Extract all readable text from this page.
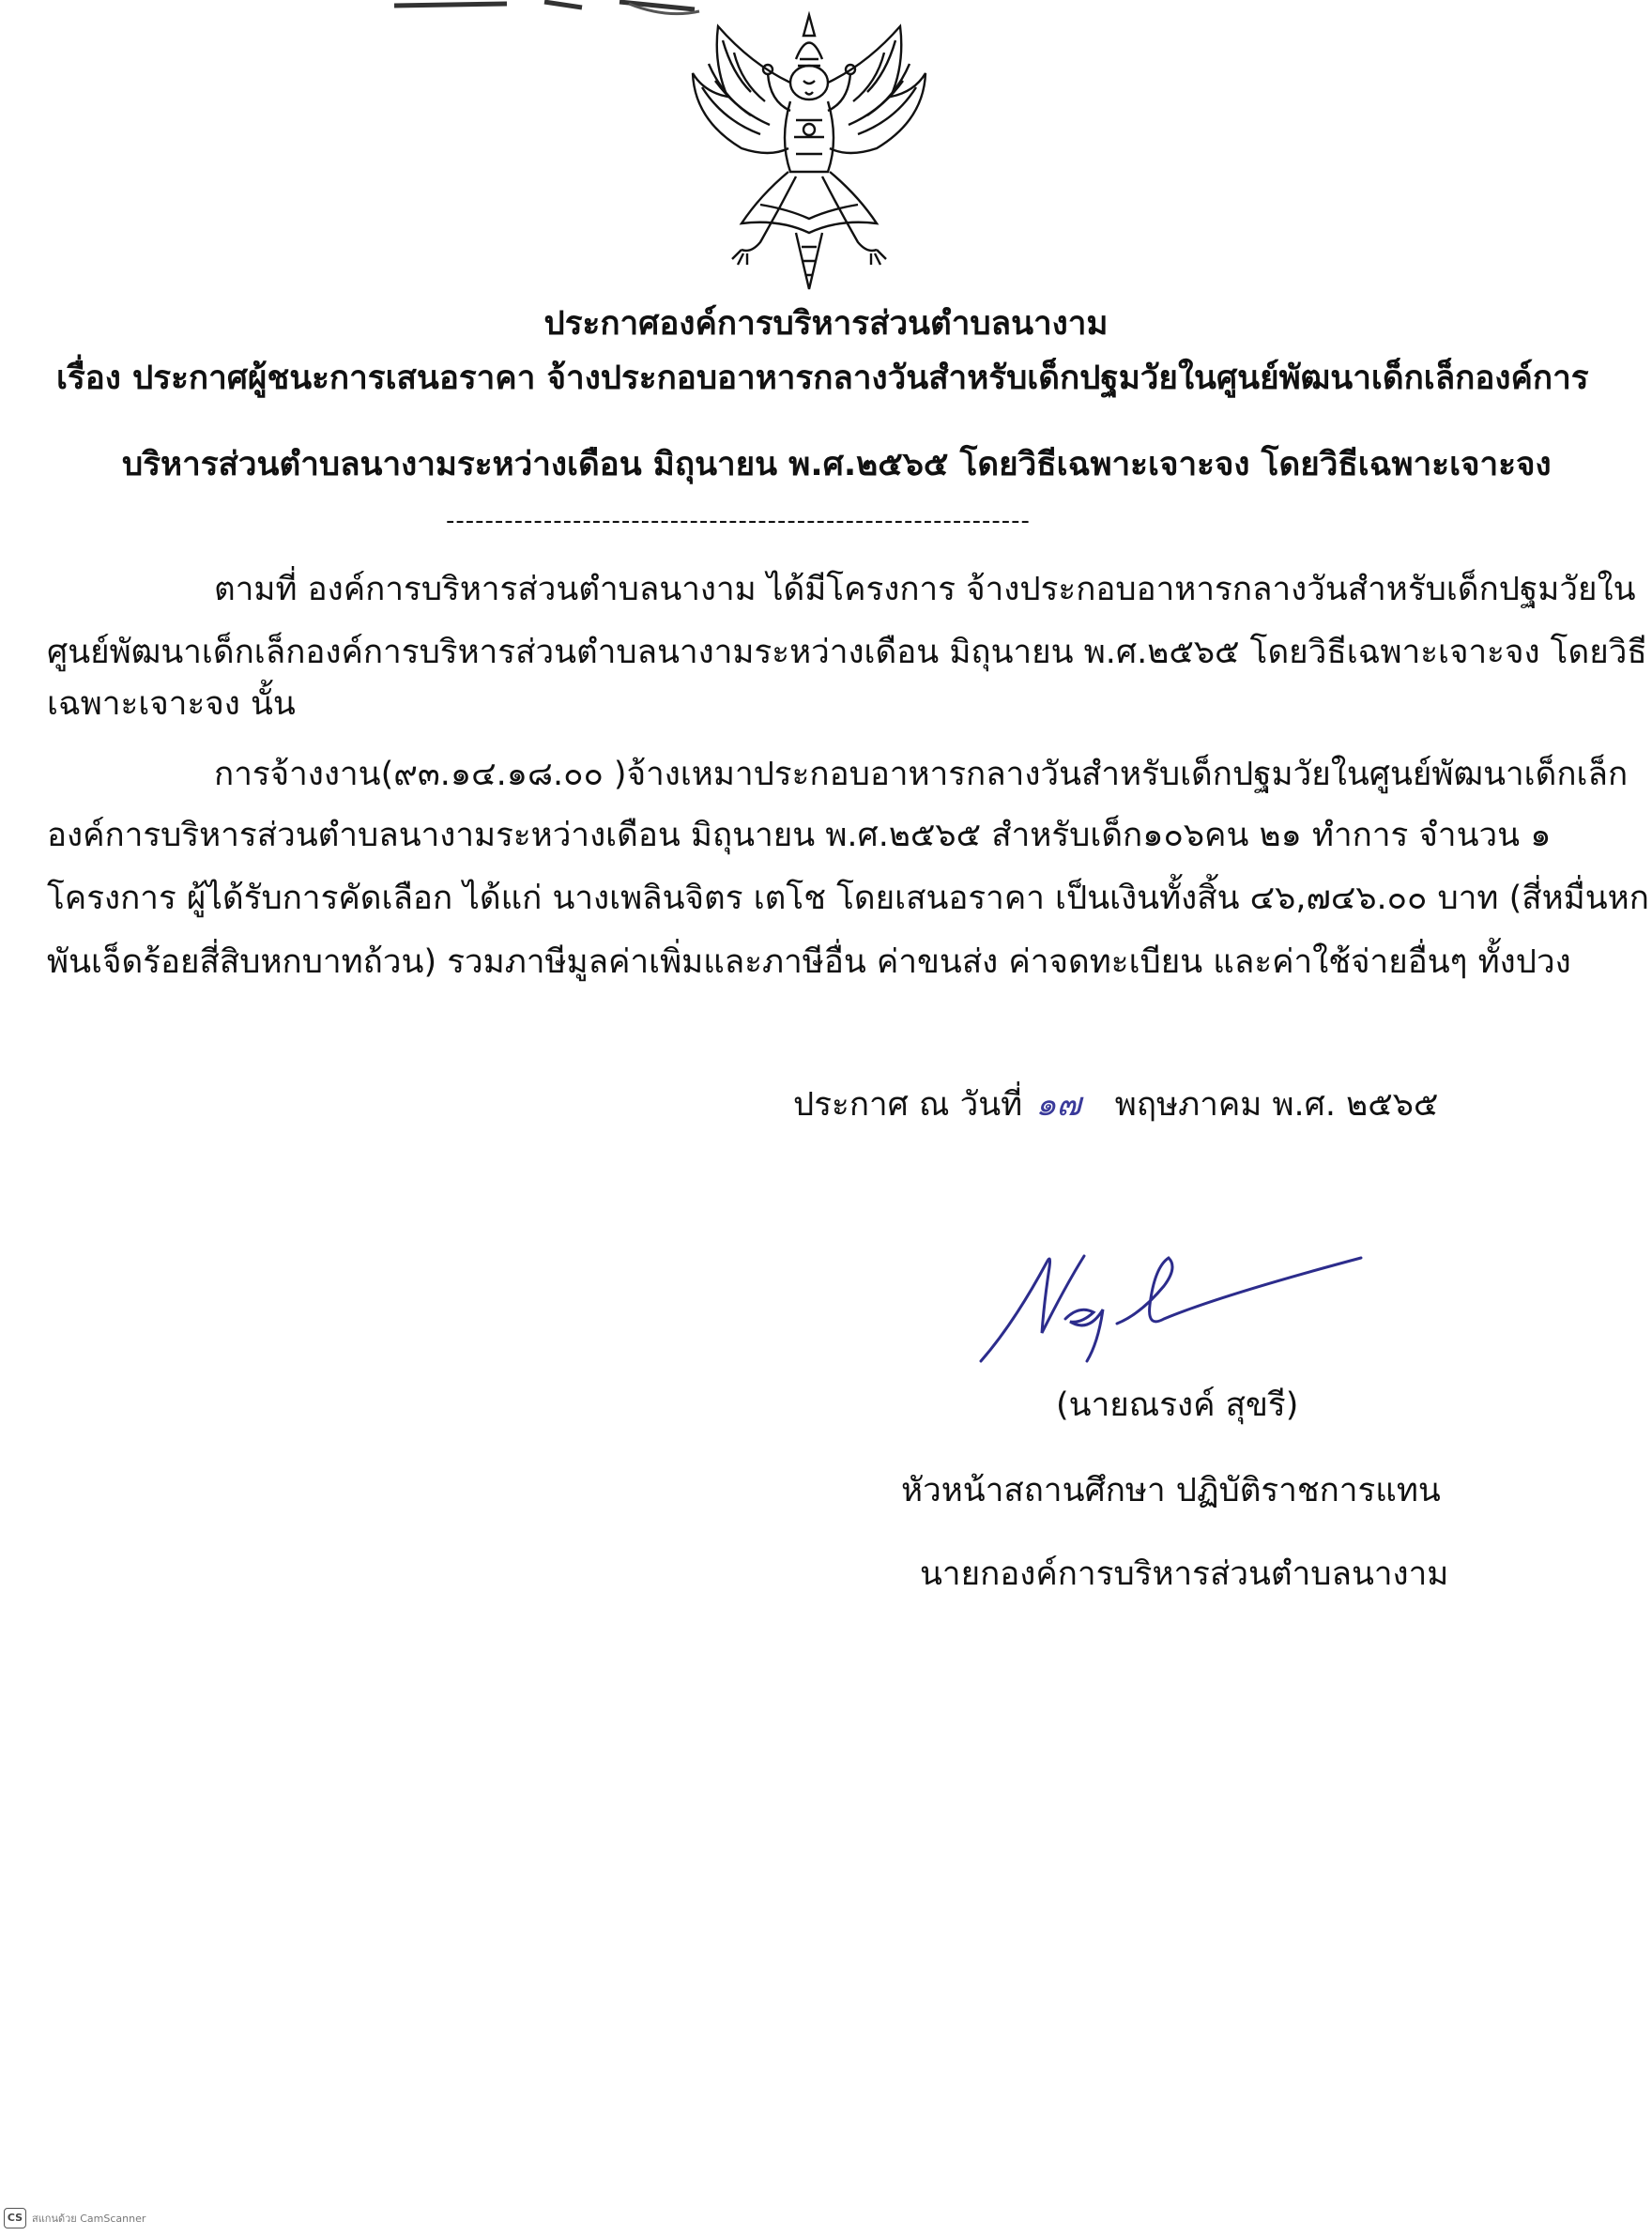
ประกาศองค์การบริหารส่วนตำบลนางาม
เรื่อง ประกาศผู้ชนะการเสนอราคา จ้างประกอบอาหารกลางวันสำหรับเด็กปฐมวัยในศูนย์พัฒนาเด็กเล็กองค์การ
บริหารส่วนตำบลนางามระหว่างเดือน มิถุนายน พ.ศ.๒๕๖๕ โดยวิธีเฉพาะเจาะจง โดยวิธีเฉพาะเจาะจง
------------------------------------------------------------
ตามที่ องค์การบริหารส่วนตำบลนางาม ได้มีโครงการ จ้างประกอบอาหารกลางวันสำหรับเด็กปฐมวัยใน
ศูนย์พัฒนาเด็กเล็กองค์การบริหารส่วนตำบลนางามระหว่างเดือน มิถุนายน พ.ศ.๒๕๖๕ โดยวิธีเฉพาะเจาะจง โดยวิธี
เฉพาะเจาะจง นั้น
การจ้างงาน(๙๓.๑๔.๑๘.๐๐ )จ้างเหมาประกอบอาหารกลางวันสำหรับเด็กปฐมวัยในศูนย์พัฒนาเด็กเล็ก
องค์การบริหารส่วนตำบลนางามระหว่างเดือน มิถุนายน พ.ศ.๒๕๖๕ สำหรับเด็ก๑๐๖คน ๒๑ ทำการ จำนวน ๑
โครงการ ผู้ได้รับการคัดเลือก ได้แก่ นางเพลินจิตร เตโช โดยเสนอราคา เป็นเงินทั้งสิ้น ๔๖,๗๔๖.๐๐ บาท (สี่หมื่นหก
พันเจ็ดร้อยสี่สิบหกบาทถ้วน) รวมภาษีมูลค่าเพิ่มและภาษีอื่น ค่าขนส่ง ค่าจดทะเบียน และค่าใช้จ่ายอื่นๆ ทั้งปวง
ประกาศ ณ วันที่ ๑๗ พฤษภาคม พ.ศ. ๒๕๖๕
(นายณรงค์ สุขรี)
หัวหน้าสถานศึกษา ปฏิบัติราชการแทน
นายกองค์การบริหารส่วนตำบลนางาม
CS สแกนด้วย CamScanner
